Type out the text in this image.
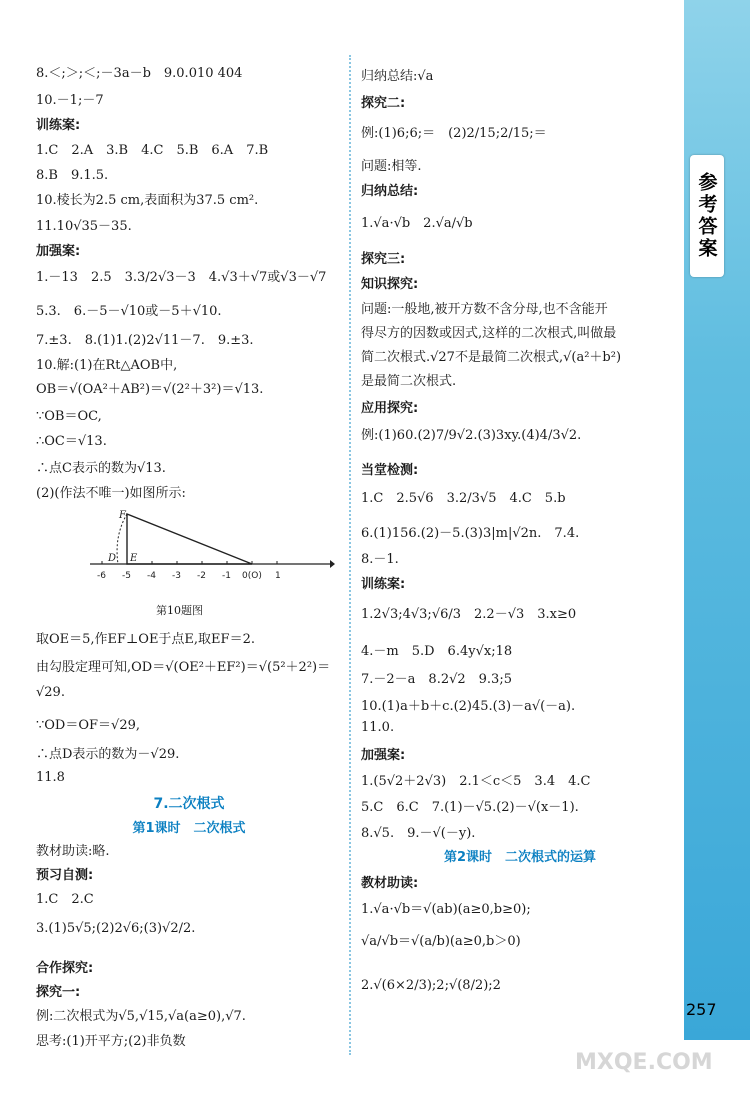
参考答案
257
8.＜;＞;＜;－3a－b　9.0.010 404
10.－1;－7
训练案:
1.C　2.A　3.B　4.C　5.B　6.A　7.B
8.B　9.1.5.
10.棱长为2.5 cm,表面积为37.5 cm².
11.10√35－35.
加强案:
1.－13　2.5　3.3/2√3－3　4.√3＋√7或√3－√7
5.3.　6.－5－√10或－5＋√10.
7.±3.　8.(1)1.(2)2√11－7.　9.±3.
10.解:(1)在Rt△AOB中,
OB＝√(OA²＋AB²)＝√(2²＋3²)＝√13.
∵OB＝OC,
∴OC＝√13.
∴点C表示的数为√13.
(2)(作法不唯一)如图所示:
F
D E
-6 -5 -4 -3 -2 -1 0(O) 1
第10题图
取OE＝5,作EF⊥OE于点E,取EF＝2.
由勾股定理可知,OD＝√(OE²＋EF²)＝√(5²＋2²)＝
√29.
∵OD＝OF＝√29,
∴点D表示的数为－√29.
11.8
7.二次根式
第1课时　二次根式
教材助读:略.
预习自测:
1.C　2.C
3.(1)5√5;(2)2√6;(3)√2/2.
合作探究:
探究一:
例:二次根式为√5,√15,√a(a≥0),√7.
思考:(1)开平方;(2)非负数
归纳总结:√a
探究二:
例:(1)6;6;＝　(2)2/15;2/15;＝
问题:相等.
归纳总结:
1.√a·√b　2.√a/√b
探究三:
知识探究:
问题:一般地,被开方数不含分母,也不含能开
得尽方的因数或因式,这样的二次根式,叫做最
简二次根式.√27不是最简二次根式,√(a²＋b²)
是最简二次根式.
应用探究:
例:(1)60.(2)7/9√2.(3)3xy.(4)4/3√2.
当堂检测:
1.C　2.5√6　3.2/3√5　4.C　5.b
6.(1)156.(2)－5.(3)3|m|√2n.　7.4.
8.－1.
训练案:
1.2√3;4√3;√6/3　2.2－√3　3.x≥0
4.－m　5.D　6.4y√x;18
7.－2－a　8.2√2　9.3;5
10.(1)a＋b＋c.(2)45.(3)－a√(－a).
11.0.
加强案:
1.(5√2＋2√3)　2.1＜c＜5　3.4　4.C
5.C　6.C　7.(1)－√5.(2)－√(x－1).
8.√5.　9.－√(－y).
第2课时　二次根式的运算
教材助读:
1.√a·√b＝√(ab)(a≥0,b≥0);
√a/√b＝√(a/b)(a≥0,b＞0)
2.√(6×2/3);2;√(8/2);2
MXQE.COM
